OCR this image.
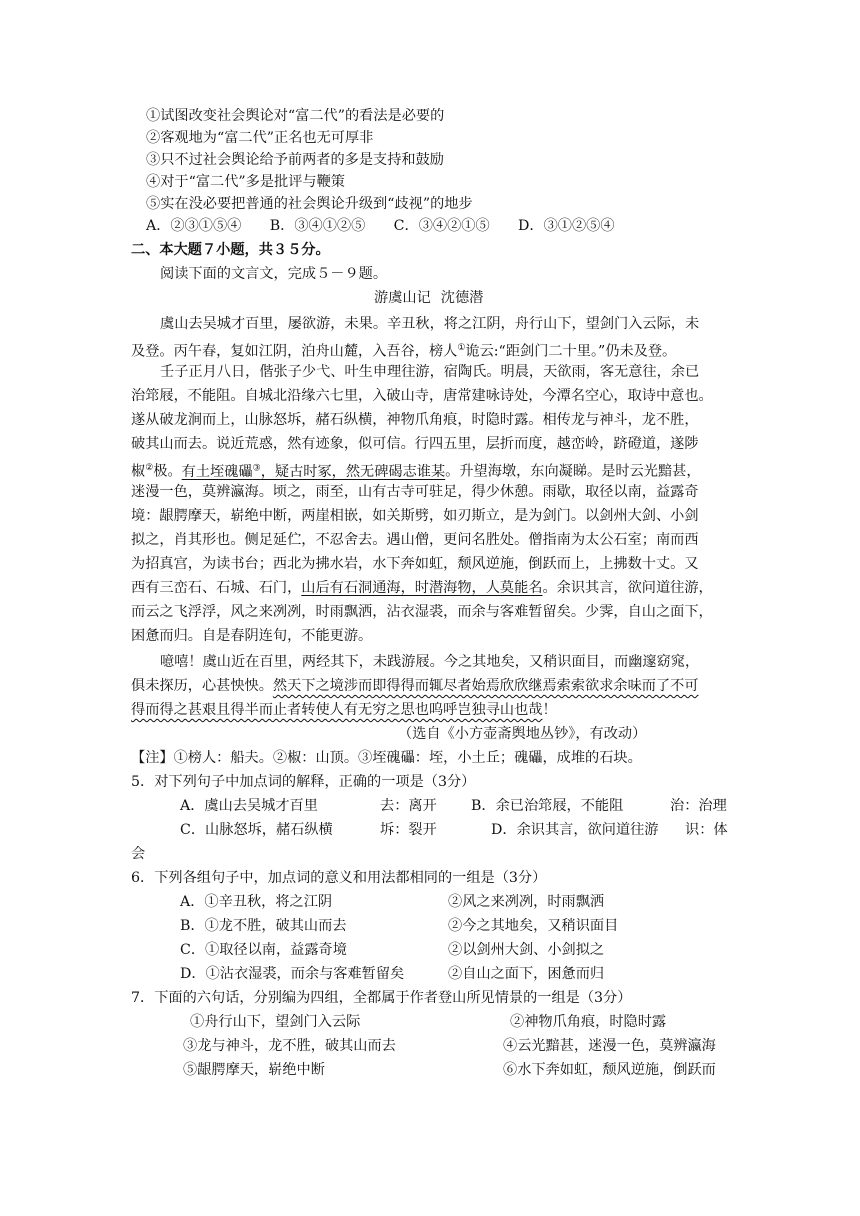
①试图改变社会舆论对“富二代”的看法是必要的
②客观地为“富二代”正名也无可厚非
③只不过社会舆论给予前两者的多是支持和鼓励
④对于“富二代”多是批评与鞭策
⑤实在没必要把普通的社会舆论升级到“歧视”的地步
A．②③①⑤④　　B．③④①②⑤　　C．③④②①⑤　　D．③①②⑤④
二、本大题７小题，共３５分。
阅读下面的文言文，完成５－９题。
游虞山记 沈德潜
虞山去吴城才百里，屡欲游，未果。辛丑秋，将之江阴，舟行山下，望剑门入云际，未
及登。丙午春，复如江阴，泊舟山麓，入吾谷，榜人①诡云:“距剑门二十里。”仍未及登。
壬子正月八日，偕张子少弋、叶生申理往游，宿陶氏。明晨，天欲雨，客无意往，余已
治筇屐，不能阻。自城北沿缘六七里，入破山寺，唐常建咏诗处，今潭名空心，取诗中意也。
遂从破龙涧而上，山脉怒坼，赭石纵横，神物爪角痕，时隐时露。相传龙与神斗，龙不胜，
破其山而去。说近荒惑，然有迹象，似可信。行四五里，层折而度，越峦岭，跻磴道，遂陟
椒②极。有土垤磈礧③，疑古时冢，然无碑碣志谁某。升望海墩，东向凝睇。是时云光黯甚，
迷漫一色，莫辨瀛海。顷之，雨至，山有古寺可驻足，得少休憩。雨歇，取径以南，益露奇
境：龈腭摩天，崭绝中断，两崖相嵌，如关斯劈，如刃斯立，是为剑门。以剑州大剑、小剑
拟之，肖其形也。侧足延伫，不忍舍去。遇山僧，更问名胜处。僧指南为太公石室；南而西
为招真宫，为读书台；西北为拂水岩，水下奔如虹，颓风逆施，倒跃而上，上拂数十丈。又
西有三峦石、石城、石门，山后有石洞通海，时潜海物，人莫能名。余识其言，欲问道往游，
而云之飞浮浮，风之来冽冽，时雨飘洒，沾衣湿裘，而余与客难暂留矣。少霁，自山之面下，
困惫而归。自是春阴连旬，不能更游。
噫嘻！虞山近在百里，两经其下，未践游屐。今之其地矣，又稍识面目，而幽邃窈窕，
俱未探历，心甚怏怏。然天下之境涉而即得得而辄尽者始焉欣欣继焉索索欲求余味而了不可
得而得之甚艰且得半而止者转使人有无穷之思也呜呼岂独寻山也哉！
（选自《小方壶斋舆地丛钞》，有改动）
【注】①榜人：船夫。②椒：山顶。③垤磈礧：垤，小土丘；磈礧，成堆的石块。
5．对下列句子中加点词的解释，正确的一项是（3分）
A．虞山去吴城才百里	去：离开 B．余已治筇屐，不能阻	治：治理
C．山脉怒坼，赭石纵横	坼：裂开	D．余识其言，欲问道往游 识：体
会
6．下列各组句子中，加点词的意义和用法都相同的一组是（3分）
A．①辛丑秋，将之江阴	②风之来冽冽，时雨飘洒
B．①龙不胜，破其山而去	②今之其地矣，又稍识面目
C．①取径以南，益露奇境	②以剑州大剑、小剑拟之
D．①沾衣湿裘，而余与客难暂留矣	②自山之面下，困惫而归
7．下面的六句话，分别编为四组，全都属于作者登山所见情景的一组是（3分）
①舟行山下，望剑门入云际	②神物爪角痕，时隐时露
③龙与神斗，龙不胜，破其山而去	④云光黯甚，迷漫一色，莫辨瀛海
⑤龈腭摩天，崭绝中断	⑥水下奔如虹，颓风逆施，倒跃而
